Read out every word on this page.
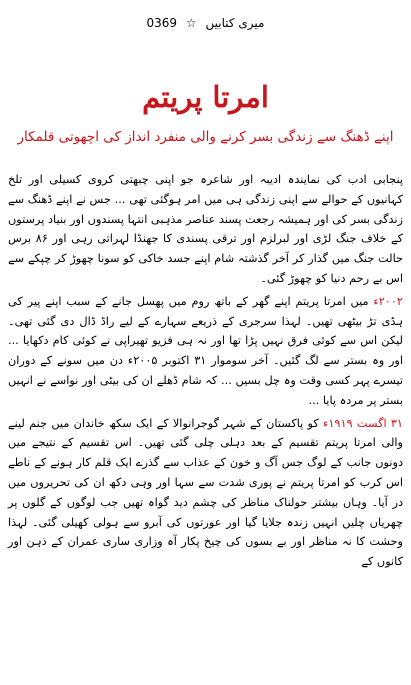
میری کتابیں ☆ 0369
امرتا پریتم
اپنے ڈھنگ سے زندگی بسر کرنے والی منفرد انداز کی اچھوتی قلمکار

پنجابی ادب کی نمایندہ ادیبہ اور شاعرہ جو اپنی چبھتی کروی کسیلی اور تلخ کہانیوں کے حوالے سے اپنی زندگی ہی میں امر ہوگئی تھی ... جس نے اپنے ڈھنگ سے زندگی بسر کی اور ہمیشہ رجعت پسند عناصر مذہبی انتہا پسندوں اور بنیاد پرستوں کے خلاف جنگ لڑی اور لبرلزم اور ترقی پسندی کا جھنڈا لہراتی رہی اور ۸۶ برس حالت جنگ میں گذار کر آخر گذشتہ شام اپنے جسد خاکی کو سونا چھوڑ کر چپکے سے اس بے رحم دنیا کو چھوڑ گئی۔

۲۰۰۲ء میں امرتا پریتم اپنے گھر کے باتھ روم میں پھسل جانے کے سبب اپنے پیر کی ہڈی تڑ بیٹھی تھیں۔ لہذا سرجری کے ذریعے سہارے کے لیے راڈ ڈال دی گئی تھی۔ لیکن اس سے کوئی فرق نہیں پڑا تھا اور نہ ہی فزیو تھیراپی نے کوئی کام دکھایا ... اور وہ بستر سے لگ گئیں۔ آخر سوموار ۳۱ اکتوبر ۲۰۰۵ء دن میں سونے کے دوران تیسرے پہر کسی وقت وہ چل بسیں ... کہ شام ڈھلے ان کی بیٹی اور نواسے نے انہیں بستر پر مردہ پایا ...

۳۱ اگست ۱۹۱۹ء کو پاکستان کے شہر گوجرانوالا کے ایک سکھ خاندان میں جنم لینے والی امرتا پریتم تقسیم کے بعد دہلی چلی گئی تھیں۔ اس تقسیم کے نتیجے میں دونوں جانب کے لوگ جس آگ و خون کے عذاب سے گذرے ایک قلم کار ہونے کے ناطے اس کرب کو امرتا پریتم نے پوری شدت سے سہا اور وہی دکھ ان کی تحریروں میں در آیا۔ وہاں بیشتر حولناک مناظر کی چشم دید گواہ تھیں جب لوگوں کے گلوں پر چھریاں چلیں انہیں زندہ جلایا گیا اور عورتوں کی آبرو سے ہولی کھیلی گئی۔ لہذا وحشت کا نہ مناظر اور بے بسوں کی چیخ پکار آہ وزاری ساری عمران کے ذہن اور کانوں کے
